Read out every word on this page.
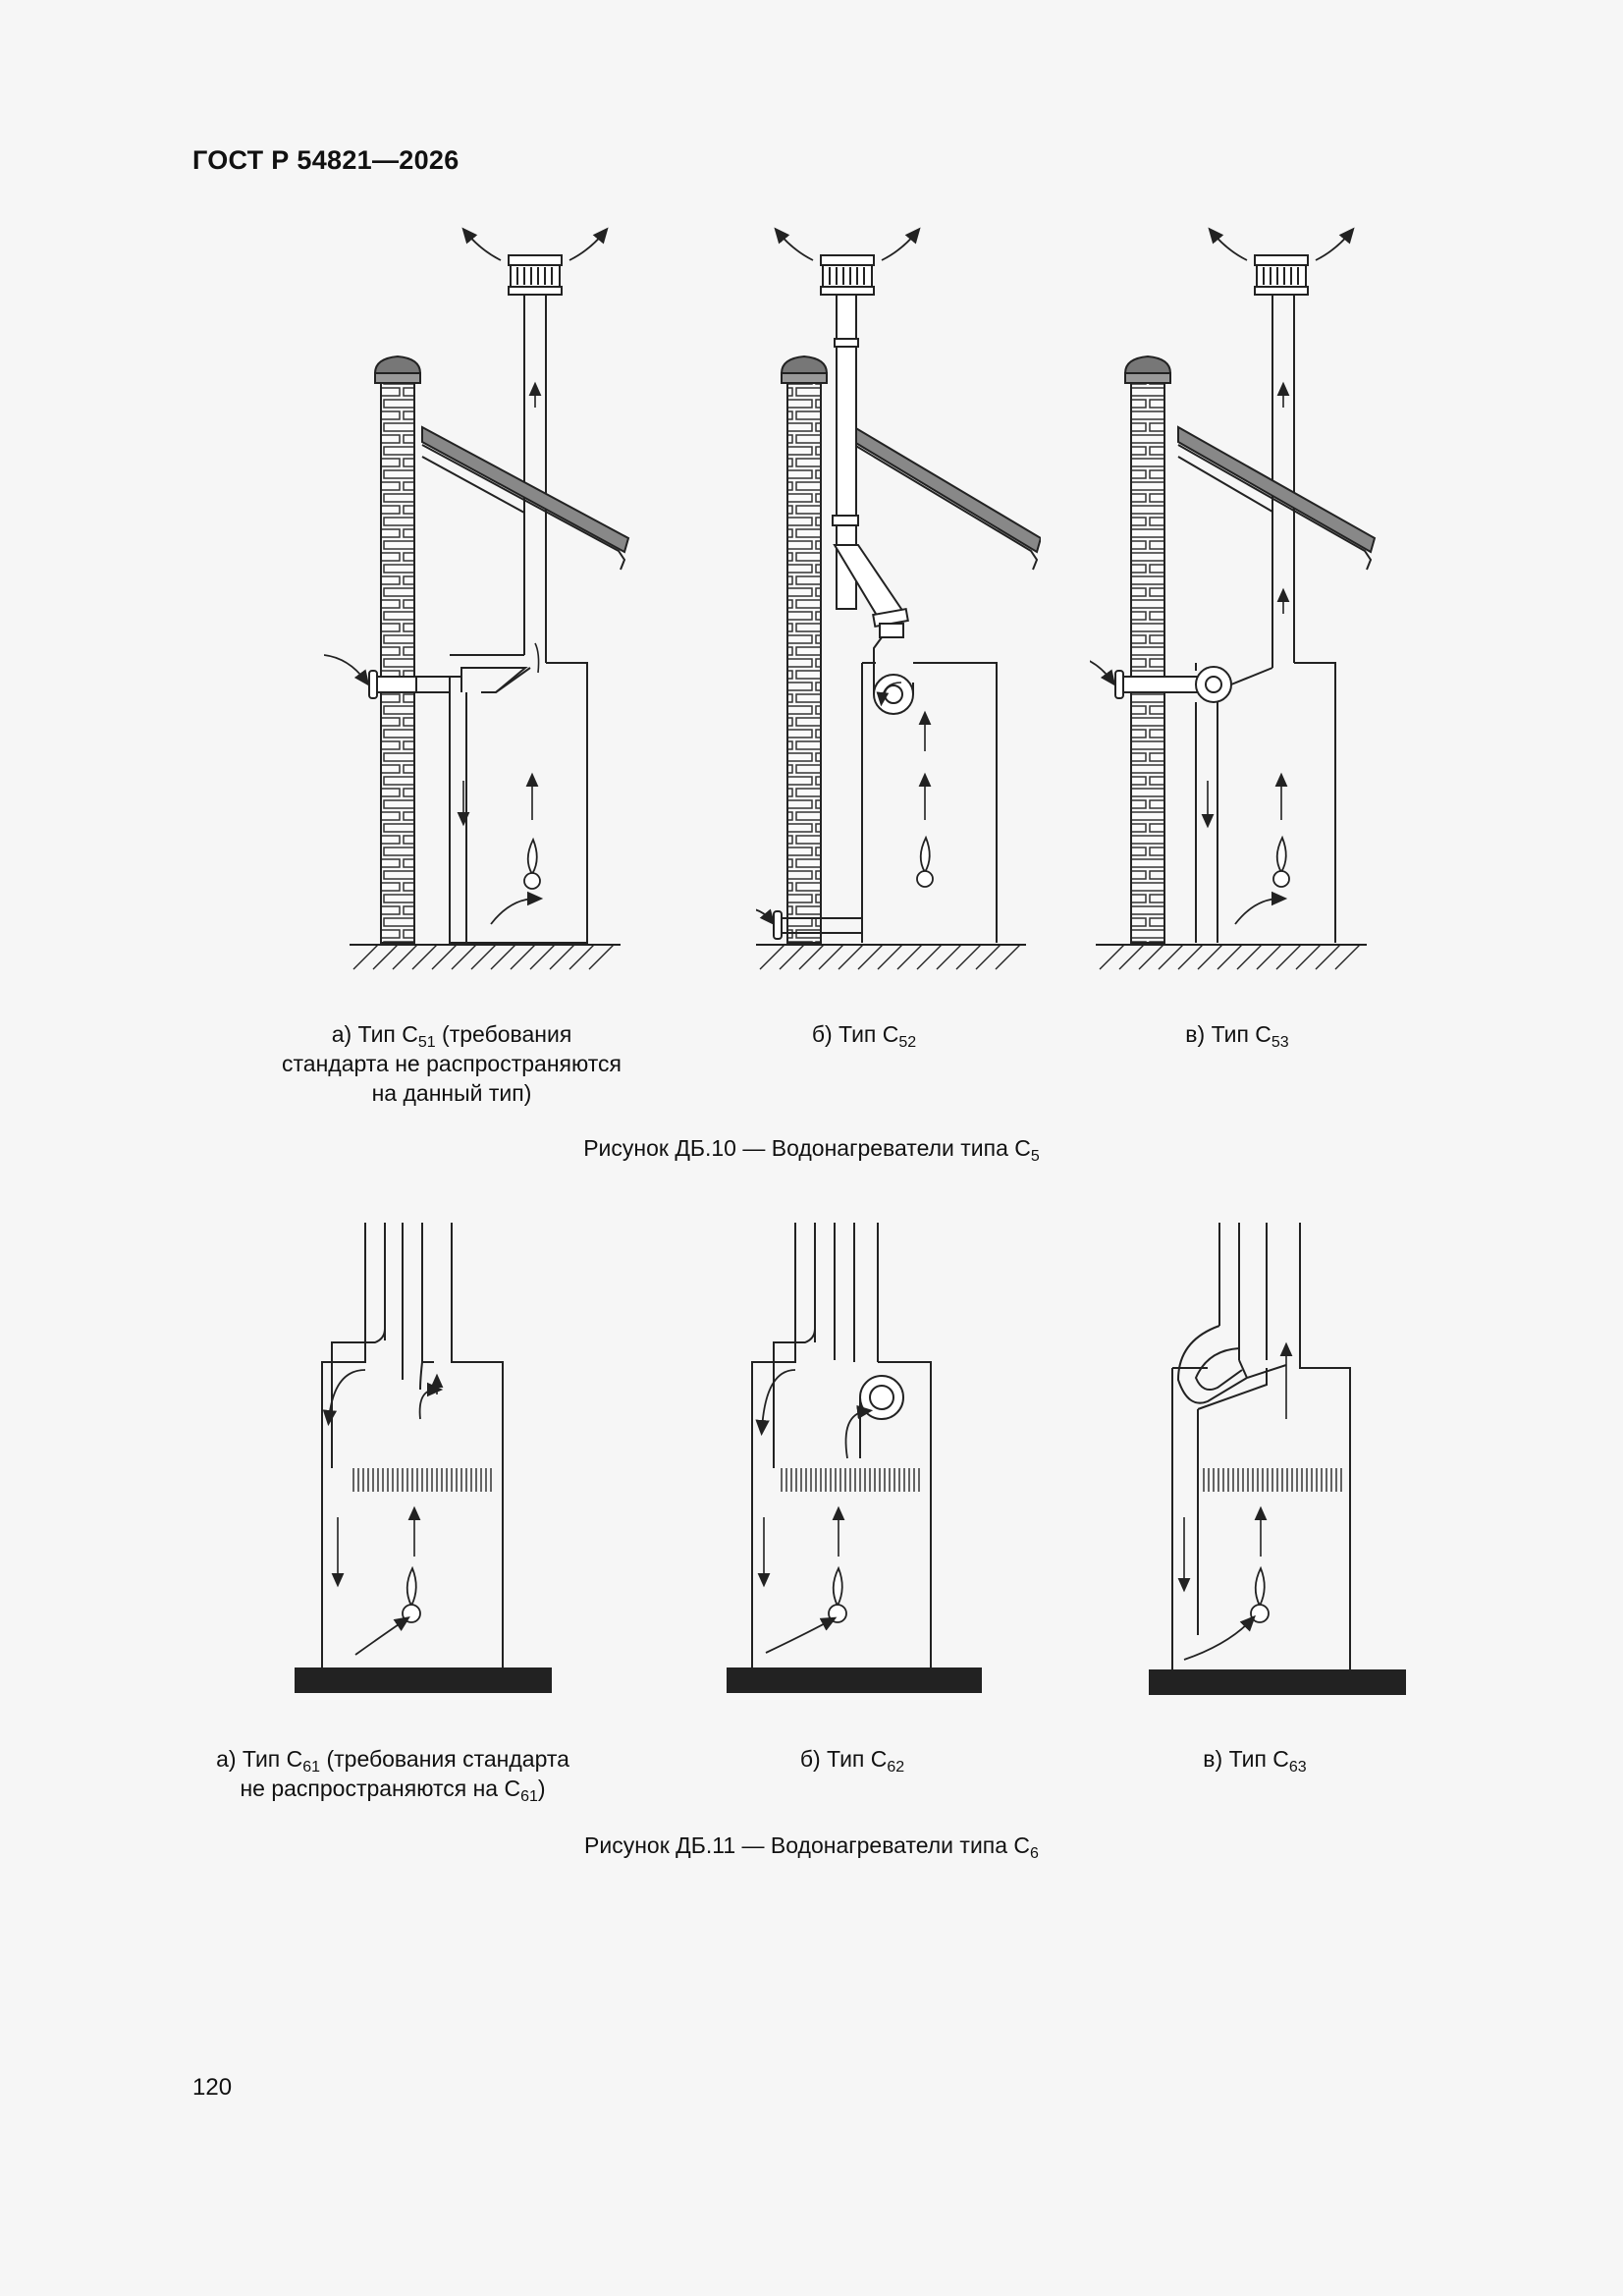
ГОСТ Р 54821—2026
а) Тип $С_{51}$ (требования
стандарта не распространяются
на данный тип)
б) Тип $С_{52}$	в) Тип $С_{53}$
Рисунок ДБ.10 — Водонагреватели типа $С_5$
а) Тип $С_{61}$ (требования стандарта
не распространяются на $С_{61}$)
б) Тип $С_{62}$	в) Тип $С_{63}$
Рисунок ДБ.11 — Водонагреватели типа $С_6$
120
